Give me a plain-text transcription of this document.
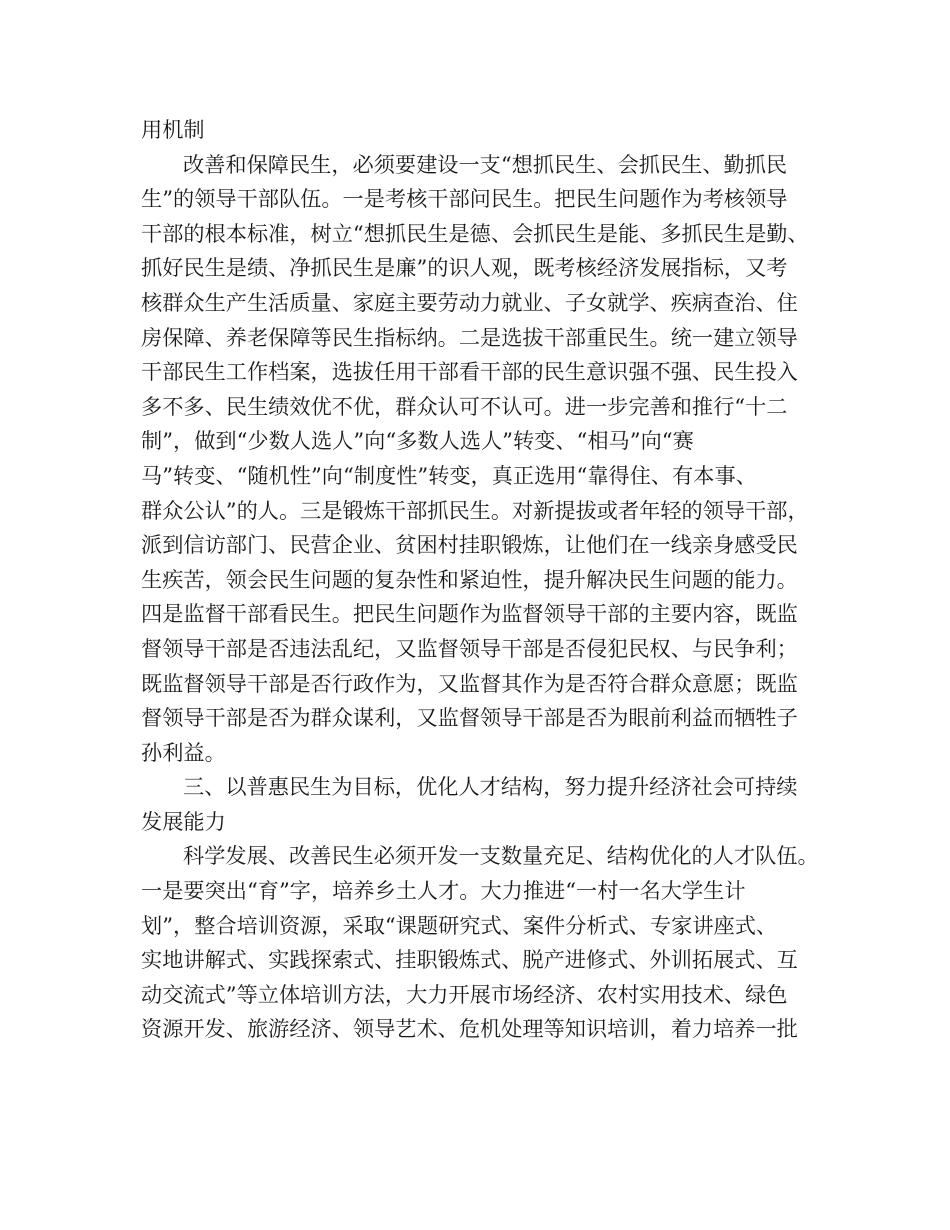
用机制
改善和保障民生，必须要建设一支“想抓民生、会抓民生、勤抓民
生”的领导干部队伍。一是考核干部问民生。把民生问题作为考核领导
干部的根本标准，树立“想抓民生是德、会抓民生是能、多抓民生是勤、
抓好民生是绩、净抓民生是廉”的识人观，既考核经济发展指标，又考
核群众生产生活质量、家庭主要劳动力就业、子女就学、疾病查治、住
房保障、养老保障等民生指标纳。二是选拔干部重民生。统一建立领导
干部民生工作档案，选拔任用干部看干部的民生意识强不强、民生投入
多不多、民生绩效优不优，群众认可不认可。进一步完善和推行“十二
制”，做到“少数人选人”向“多数人选人”转变、“相马”向“赛
马”转变、“随机性”向“制度性”转变，真正选用“靠得住、有本事、
群众公认”的人。三是锻炼干部抓民生。对新提拔或者年轻的领导干部，
派到信访部门、民营企业、贫困村挂职锻炼，让他们在一线亲身感受民
生疾苦，领会民生问题的复杂性和紧迫性，提升解决民生问题的能力。
四是监督干部看民生。把民生问题作为监督领导干部的主要内容，既监
督领导干部是否违法乱纪，又监督领导干部是否侵犯民权、与民争利；
既监督领导干部是否行政作为，又监督其作为是否符合群众意愿；既监
督领导干部是否为群众谋利，又监督领导干部是否为眼前利益而牺牲子
孙利益。
三、以普惠民生为目标，优化人才结构，努力提升经济社会可持续
发展能力
科学发展、改善民生必须开发一支数量充足、结构优化的人才队伍。
一是要突出“育”字，培养乡土人才。大力推进“一村一名大学生计
划”，整合培训资源，采取“课题研究式、案件分析式、专家讲座式、
实地讲解式、实践探索式、挂职锻炼式、脱产进修式、外训拓展式、互
动交流式”等立体培训方法，大力开展市场经济、农村实用技术、绿色
资源开发、旅游经济、领导艺术、危机处理等知识培训，着力培养一批
